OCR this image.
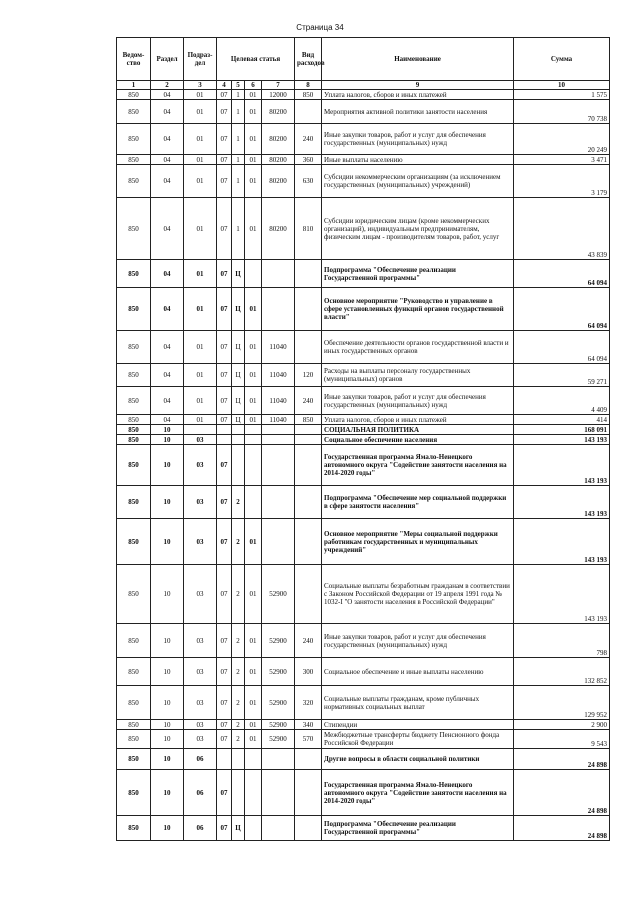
Страница 34
Ведом-ство	Раздел	Подраз-дел	Целевая статья				Вид расходов	Наименование	Сумма
1	2	3	4	5	6	7	8	9	10
850	04	01	07	1	01	12000	850	Уплата налогов, сборов и иных платежей	1 575
850	04	01	07	1	01	80200		Мероприятия активной политики занятости населения	70 738
850	04	01	07	1	01	80200	240	Иные закупки товаров, работ и услуг для обеспечения государственных (муниципальных) нужд	20 249
850	04	01	07	1	01	80200	360	Иные выплаты населению	3 471
850	04	01	07	1	01	80200	630	Субсидии некоммерческим организациям (за исключением государственных (муниципальных) учреждений)	3 179
850	04	01	07	1	01	80200	810	Субсидии юридическим лицам (кроме некоммерческих организаций), индивидуальным предпринимателям, физическим лицам - производителям товаров, работ, услуг	43 839
850	04	01	07	Ц				Подпрограмма "Обеспечение реализации Государственной программы"	64 094
850	04	01	07	Ц	01			Основное мероприятие "Руководство и управление в сфере установленных функций органов государственной власти"	64 094
850	04	01	07	Ц	01	11040		Обеспечение деятельности органов государственной власти и иных государственных органов	64 094
850	04	01	07	Ц	01	11040	120	Расходы на выплаты персоналу государственных (муниципальных) органов	59 271
850	04	01	07	Ц	01	11040	240	Иные закупки товаров, работ и услуг для обеспечения государственных (муниципальных) нужд	4 409
850	04	01	07	Ц	01	11040	850	Уплата налогов, сборов и иных платежей	414
850	10							СОЦИАЛЬНАЯ ПОЛИТИКА	168 091
850	10	03						Социальное обеспечение населения	143 193
850	10	03	07					Государственная программа Ямало-Ненецкого автономного округа "Содействие занятости населения на 2014-2020 годы"	143 193
850	10	03	07	2				Подпрограмма "Обеспечение мер социальной поддержки в сфере занятости населения"	143 193
850	10	03	07	2	01			Основное мероприятие "Меры социальной поддержки работникам государственных и муниципальных учреждений"	143 193
850	10	03	07	2	01	52900		Социальные выплаты безработным гражданам в соответствии с Законом Российской Федерации от 19 апреля 1991 года № 1032-I "О занятости населения в Российской Федерации"	143 193
850	10	03	07	2	01	52900	240	Иные закупки товаров, работ и услуг для обеспечения государственных (муниципальных) нужд	798
850	10	03	07	2	01	52900	300	Социальное обеспечение и иные выплаты населению	132 852
850	10	03	07	2	01	52900	320	Социальные выплаты гражданам, кроме публичных нормативных социальных выплат	129 952
850	10	03	07	2	01	52900	340	Стипендии	2 900
850	10	03	07	2	01	52900	570	Межбюджетные трансферты бюджету Пенсионного фонда Российской Федерации	9 543
850	10	06						Другие вопросы в области социальной политики	24 898
850	10	06	07					Государственная программа Ямало-Ненецкого автономного округа "Содействие занятости населения на 2014-2020 годы"	24 898
850	10	06	07	Ц				Подпрограмма "Обеспечение реализации Государственной программы"	24 898
